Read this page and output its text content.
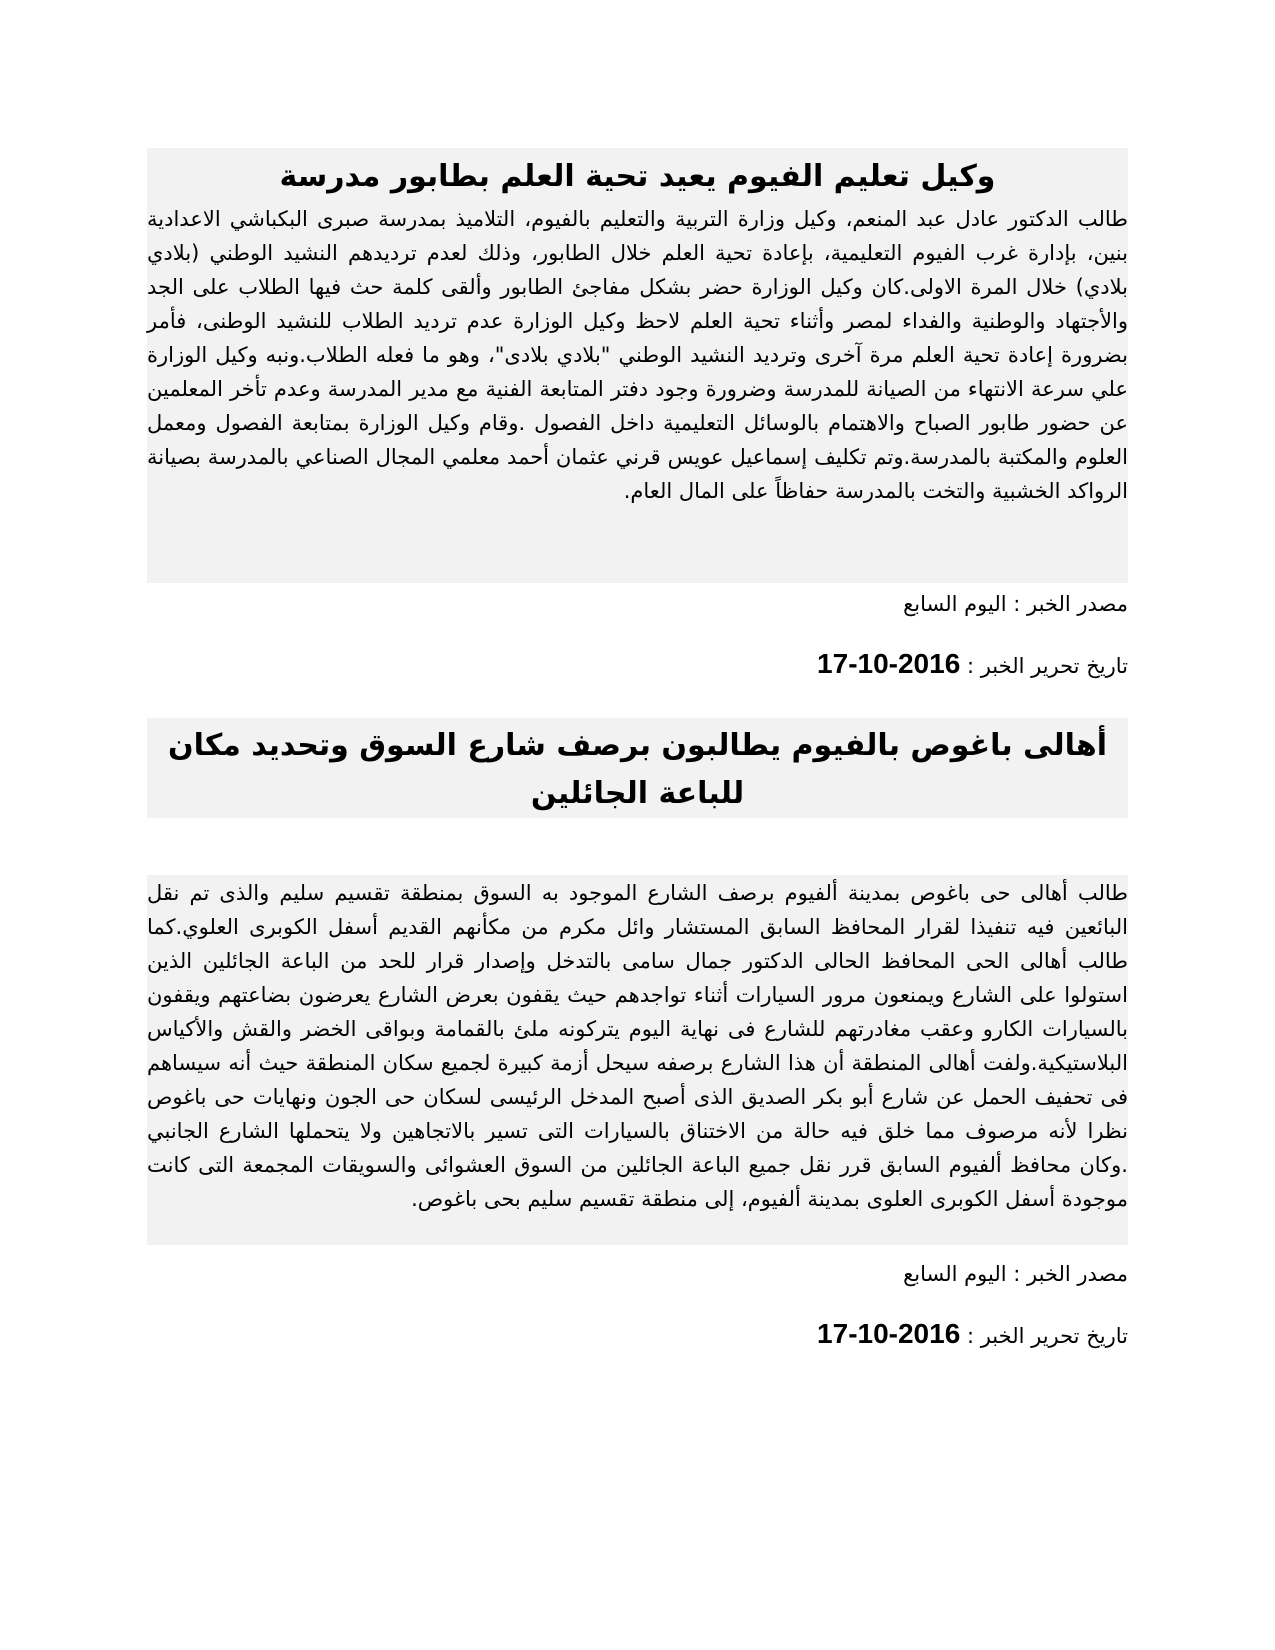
وكيل تعليم الفيوم يعيد تحية العلم بطابور مدرسة

طالب الدكتور عادل عبد المنعم، وكيل وزارة التربية والتعليم بالفيوم، التلاميذ بمدرسة صبرى البكباشي الاعدادية بنين، بإدارة غرب الفيوم التعليمية، بإعادة تحية العلم خلال الطابور، وذلك لعدم ترديدهم النشيد الوطني (بلادي بلادي) خلال المرة الاولى.كان وكيل الوزارة حضر بشكل مفاجئ الطابور وألقى كلمة حث فيها الطلاب على الجد والأجتهاد والوطنية والفداء لمصر وأثناء تحية العلم لاحظ وكيل الوزارة عدم ترديد الطلاب للنشيد الوطنى، فأمر بضرورة إعادة تحية العلم مرة آخرى وترديد النشيد الوطني "بلادي بلادى"، وهو ما فعله الطلاب.ونبه وكيل الوزارة علي سرعة الانتهاء من الصيانة للمدرسة وضرورة وجود دفتر المتابعة الفنية مع مدير المدرسة وعدم تأخر المعلمين عن حضور طابور الصباح والاهتمام بالوسائل التعليمية داخل الفصول .وقام وكيل الوزارة بمتابعة الفصول ومعمل العلوم والمكتبة بالمدرسة.وتم تكليف إسماعيل عويس قرني عثمان أحمد معلمي المجال الصناعي بالمدرسة بصيانة الرواكد الخشبية والتخت بالمدرسة حفاظاً على المال العام.

مصدر الخبر : اليوم السابع
تاريخ تحرير الخبر : 17-10-2016
أهالى باغوص بالفيوم يطالبون برصف شارع السوق وتحديد مكان للباعة الجائلين

طالب أهالى حى باغوص بمدينة ألفيوم برصف الشارع الموجود به السوق بمنطقة تقسيم سليم والذى تم نقل البائعين فيه تنفيذا لقرار المحافظ السابق المستشار وائل مكرم من مكأنهم القديم أسفل الكوبرى العلوي.كما طالب أهالى الحى المحافظ الحالى الدكتور جمال سامى بالتدخل وإصدار قرار للحد من الباعة الجائلين الذين استولوا على الشارع ويمنعون مرور السيارات أثناء تواجدهم حيث يقفون بعرض الشارع يعرضون بضاعتهم ويقفون بالسيارات الكارو وعقب مغادرتهم للشارع فى نهاية اليوم يتركونه ملئ بالقمامة وبواقى الخضر والقش والأكياس البلاستيكية.ولفت أهالى المنطقة أن هذا الشارع برصفه سيحل أزمة كبيرة لجميع سكان المنطقة حيث أنه سيساهم فى تحفيف الحمل عن شارع أبو بكر الصديق الذى أصبح المدخل الرئيسى لسكان حى الجون ونهايات حى باغوص نظرا لأنه مرصوف مما خلق فيه حالة من الاختناق بالسيارات التى تسير بالاتجاهين ولا يتحملها الشارع الجانبي .وكان محافظ ألفيوم السابق قرر نقل جميع الباعة الجائلين من السوق العشوائى والسويقات المجمعة التى كانت موجودة أسفل الكوبرى العلوى بمدينة ألفيوم، إلى منطقة تقسيم سليم بحى باغوص.

مصدر الخبر : اليوم السابع
تاريخ تحرير الخبر : 17-10-2016
